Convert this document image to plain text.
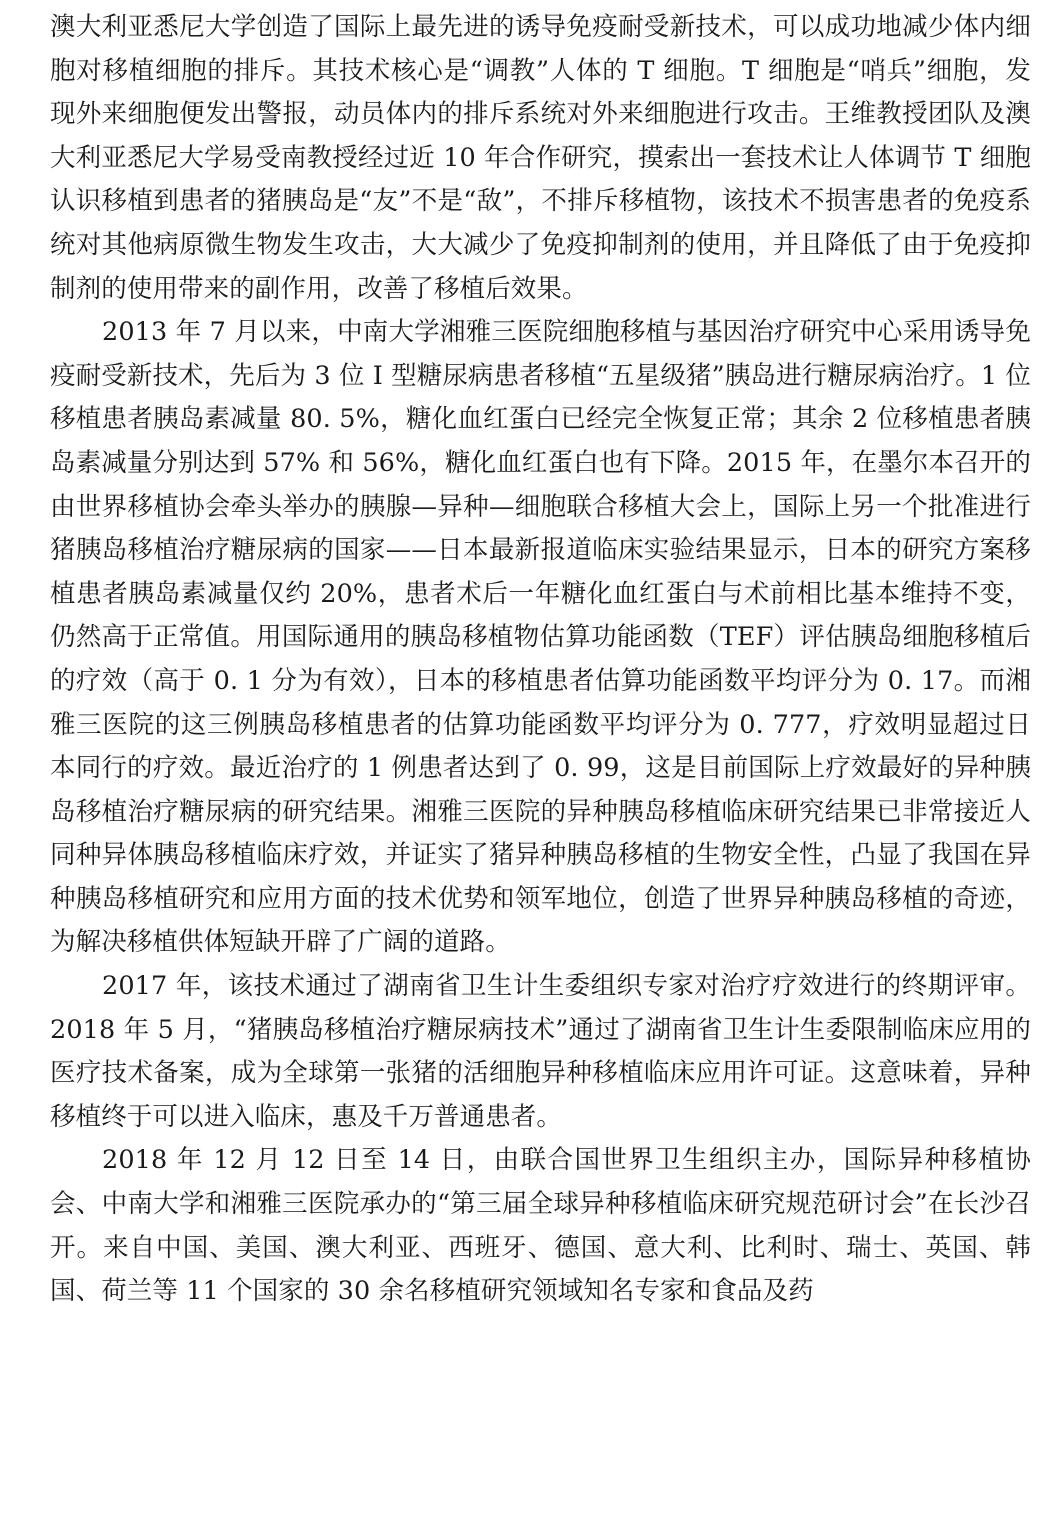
澳大利亚悉尼大学创造了国际上最先进的诱导免疫耐受新技术，可以成功地减少体内细胞对移植细胞的排斥。其技术核心是“调教”人体的 T 细胞。T 细胞是“哨兵”细胞，发现外来细胞便发出警报，动员体内的排斥系统对外来细胞进行攻击。王维教授团队及澳大利亚悉尼大学易受南教授经过近 10 年合作研究，摸索出一套技术让人体调节 T 细胞认识移植到患者的猪胰岛是“友”不是“敌”，不排斥移植物，该技术不损害患者的免疫系统对其他病原微生物发生攻击，大大减少了免疫抑制剂的使用，并且降低了由于免疫抑制剂的使用带来的副作用，改善了移植后效果。

2013 年 7 月以来，中南大学湘雅三医院细胞移植与基因治疗研究中心采用诱导免疫耐受新技术，先后为 3 位 I 型糖尿病患者移植“五星级猪”胰岛进行糖尿病治疗。1 位移植患者胰岛素减量 80. 5%，糖化血红蛋白已经完全恢复正常；其余 2 位移植患者胰岛素减量分别达到 57% 和 56%，糖化血红蛋白也有下降。2015 年，在墨尔本召开的由世界移植协会牵头举办的胰腺—异种—细胞联合移植大会上，国际上另一个批准进行猪胰岛移植治疗糖尿病的国家——日本最新报道临床实验结果显示，日本的研究方案移植患者胰岛素减量仅约 20%，患者术后一年糖化血红蛋白与术前相比基本维持不变，仍然高于正常值。用国际通用的胰岛移植物估算功能函数（TEF）评估胰岛细胞移植后的疗效（高于 0. 1 分为有效），日本的移植患者估算功能函数平均评分为 0. 17。而湘雅三医院的这三例胰岛移植患者的估算功能函数平均评分为 0. 777，疗效明显超过日本同行的疗效。最近治疗的 1 例患者达到了 0. 99，这是目前国际上疗效最好的异种胰岛移植治疗糖尿病的研究结果。湘雅三医院的异种胰岛移植临床研究结果已非常接近人同种异体胰岛移植临床疗效，并证实了猪异种胰岛移植的生物安全性，凸显了我国在异种胰岛移植研究和应用方面的技术优势和领军地位，创造了世界异种胰岛移植的奇迹，为解决移植供体短缺开辟了广阔的道路。

2017 年，该技术通过了湖南省卫生计生委组织专家对治疗疗效进行的终期评审。2018 年 5 月，“猪胰岛移植治疗糖尿病技术”通过了湖南省卫生计生委限制临床应用的医疗技术备案，成为全球第一张猪的活细胞异种移植临床应用许可证。这意味着，异种移植终于可以进入临床，惠及千万普通患者。

2018 年 12 月 12 日至 14 日，由联合国世界卫生组织主办，国际异种移植协会、中南大学和湘雅三医院承办的“第三届全球异种移植临床研究规范研讨会”在长沙召开。来自中国、美国、澳大利亚、西班牙、德国、意大利、比利时、瑞士、英国、韩国、荷兰等 11 个国家的 30 余名移植研究领域知名专家和食品及药
